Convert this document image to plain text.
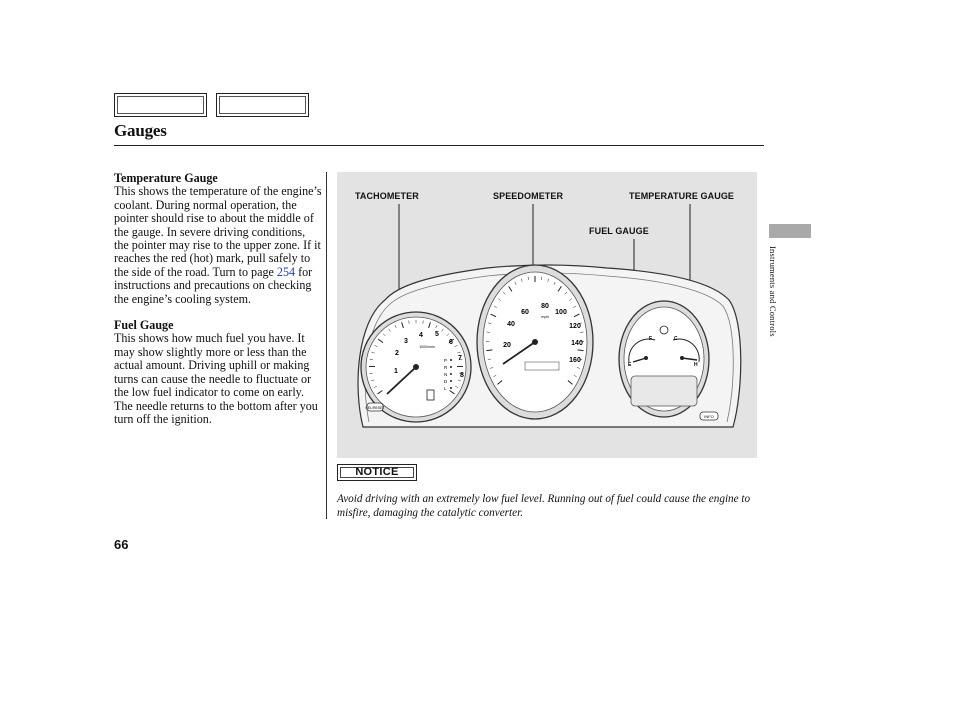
Gauges
Temperature Gauge

This shows the temperature of the engine’s coolant. During normal operation, the pointer should rise to about the middle of the gauge. In severe driving conditions, the pointer may rise to the upper zone. If it reaches the red (hot) mark, pull safely to the side of the road. Turn to page 254 for instructions and precautions on checking the engine’s cooling system.

Fuel Gauge

This shows how much fuel you have. It may show slightly more or less than the actual amount. Driving uphill or making turns can cause the needle to fluctuate or the low fuel indicator to come on early. The needle returns to the bottom after you turn off the ignition.

TACHOMETER	SPEEDOMETER	TEMPERATURE GAUGE
FUEL GAUGE
1
2
3
4 5
6
7
8
1000r/min
P
R
N
D
L
20
40
60
80
100
120
140
160
mph
E
F	C
H
SEL/RESET
INFO
NOTICE
Avoid driving with an extremely low fuel level. Running out of fuel could cause the engine to misfire, damaging the catalytic converter.
66
Instruments and Controls
